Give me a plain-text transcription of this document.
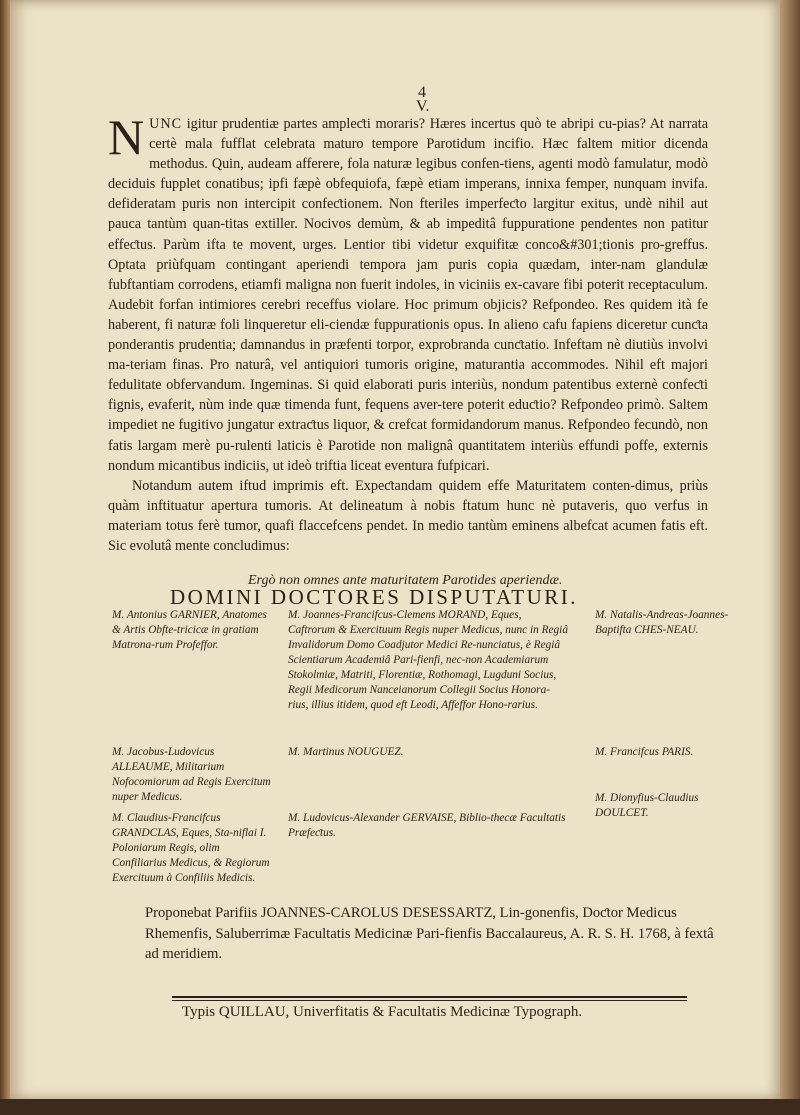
4
V.

NUNC igitur prudentiæ partes ampleƈti moraris? Hæres incertus quò te abripi cu-pias? At narrata certè mala fufflat celebrata maturo tempore Parotidum incifio. Hæc faltem mitior dicenda methodus. Quin, audeam afferere, fola naturæ legibus confen-tiens, agenti modò famulatur, modò deciduis fupplet conatibus; ipfi fæpè obfequiofa, fæpè etiam imperans, innixa femper, nunquam invifa. defideratam puris non intercipit confeƈtionem. Non fteriles imperfeƈto largitur exitus, undè nihil aut pauca tantùm quan-titas extiller. Nocivos demùm, & ab impeditâ fuppuratione pendentes non patitur effeƈtus. Parùm ifta te movent, urges. Lentior tibi videtur exquifitæ conco&#301;tionis pro-greffus. Optata priùfquam contingant aperiendi tempora jam puris copia quædam, inter-nam glandulæ fubftantiam corrodens, etiamfi maligna non fuerit indoles, in viciniis ex-cavare fibi poterit receptaculum. Audebit forfan intimiores cerebri receffus violare. Hoc primum objicis? Refpondeo. Res quidem ità fe haberent, fi naturæ foli linqueretur eli-ciendæ fuppurationis opus. In alieno cafu fapiens diceretur cunƈta ponderantis prudentia; damnandus in præfenti torpor, exprobranda cunƈtatio. Infeftam nè diutiùs involvi ma-teriam finas. Pro naturâ, vel antiquiori tumoris origine, maturantia accommodes. Nihil eft majori fedulitate obfervandum. Ingeminas. Si quid elaborati puris interiùs, nondum patentibus externè confeƈti fignis, evaferit, nùm inde quæ timenda funt, fequens aver-tere poterit eduƈtio? Refpondeo primò. Saltem impediet ne fugitivo jungatur extraƈtus liquor, & crefcat formidandorum manus. Refpondeo fecundò, non fatis largam merè pu-rulenti laticis è Parotide non malignâ quantitatem interiùs effundi poffe, externis nondum micantibus indiciis, ut ideò triftia liceat eventura fufpicari.

Notandum autem iftud imprimis eft. Expeƈtandam quidem effe Maturitatem conten-dimus, priùs quàm inftituatur apertura tumoris. At delineatum à nobis ftatum hunc nè putaveris, quo verfus in materiam totus ferè tumor, quafi flaccefcens pendet. In medio tantùm eminens albefcat acumen fatis eft. Sic evolutâ mente concludimus:

Ergò non omnes ante maturitatem Parotides aperiendæ.
DOMINI DOCTORES DISPUTATURI.
M. Antonius GARNIER, Anatomes & Artis Obfte-tricicæ in gratiam Matrona-rum Profeffor.
M. Jacobus-Ludovicus ALLEAUME, Militarium Nofocomiorum ad Regis Exercitum nuper Medicus.
M. Claudius-Francifcus GRANDCLAS, Eques, Sta-niflai I. Poloniarum Regis, olim Confiliarius Medicus, & Regiorum Exercituum à Confiliis Medicis.
M. Joannes-Francifcus-Clemens MORAND, Eques, Caftrorum & Exercituum Regis nuper Medicus, nunc in Regiâ Invalidorum Domo Coadjutor Medici Re-nunciatus, è Regiâ Scientiarum Academiâ Pari-fienfi, nec-non Academiarum Stokolmiæ, Matriti, Florentiæ, Rothomagi, Lugduni Socius, Regii Medicorum Nanceianorum Collegii Socius Honora-rius, illius itidem, quod eft Leodi, Affeffor Hono-rarius.
M. Martinus NOUGUEZ.
M. Ludovicus-Alexander GERVAISE, Biblio-thecæ Facultatis Præfeƈtus.
M. Natalis-Andreas-Joannes-Baptifta CHES-NEAU.
M. Francifcus PARIS.
M. Dionyfius-Claudius DOULCET.
Proponebat Parifiis JOANNES-CAROLUS DESESSARTZ, Lin-gonenfis, Doƈtor Medicus Rhemenfis, Saluberrimæ Facultatis Medicinæ Pari-fienfis Baccalaureus, A. R. S. H. 1768, à fextâ ad meridiem.
Typis QUILLAU, Univerfitatis & Facultatis Medicinæ Typograph.
